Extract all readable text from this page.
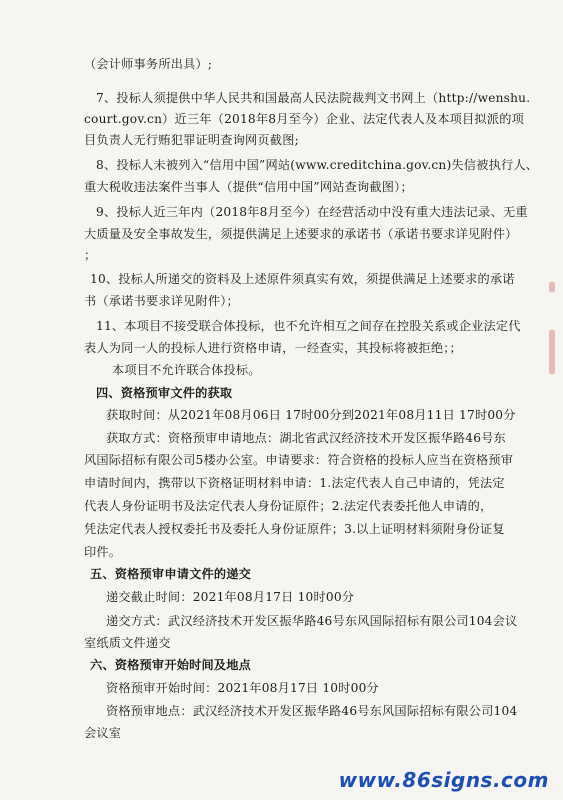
（会计师事务所出具）;
7、投标人须提供中华人民共和国最高人民法院裁判文书网上（http://wenshu.
court.gov.cn）近三年（2018年8月至今）企业、法定代表人及本项目拟派的项
目负责人无行贿犯罪证明查询网页截图;
8、投标人未被列入“信用中国”网站(www.creditchina.gov.cn)失信被执行人、
重大税收违法案件当事人（提供“信用中国”网站查询截图）；
9、投标人近三年内（2018年8月至今）在经营活动中没有重大违法记录、无重
大质量及安全事故发生，须提供满足上述要求的承诺书（承诺书要求详见附件）
；
10、投标人所递交的资料及上述原件须真实有效，须提供满足上述要求的承诺
书（承诺书要求详见附件）；
11、本项目不接受联合体投标，也不允许相互之间存在控股关系或企业法定代
表人为同一人的投标人进行资格申请，一经查实，其投标将被拒绝；；
本项目不允许联合体投标。
四、资格预审文件的获取
获取时间：从2021年08月06日 17时00分到2021年08月11日 17时00分
获取方式：资格预审申请地点：湖北省武汉经济技术开发区振华路46号东
风国际招标有限公司5楼办公室。申请要求：符合资格的投标人应当在资格预审
申请时间内，携带以下资格证明材料申请：1.法定代表人自己申请的，凭法定
代表人身份证明书及法定代表人身份证原件；2.法定代表委托他人申请的，
凭法定代表人授权委托书及委托人身份证原件；3.以上证明材料须附身份证复
印件。
五、资格预审申请文件的递交
递交截止时间：2021年08月17日 10时00分
递交方式：武汉经济技术开发区振华路46号东风国际招标有限公司104会议
室纸质文件递交
六、资格预审开始时间及地点
资格预审开始时间：2021年08月17日 10时00分
资格预审地点：武汉经济技术开发区振华路46号东风国际招标有限公司104
会议室
www.86signs.com
